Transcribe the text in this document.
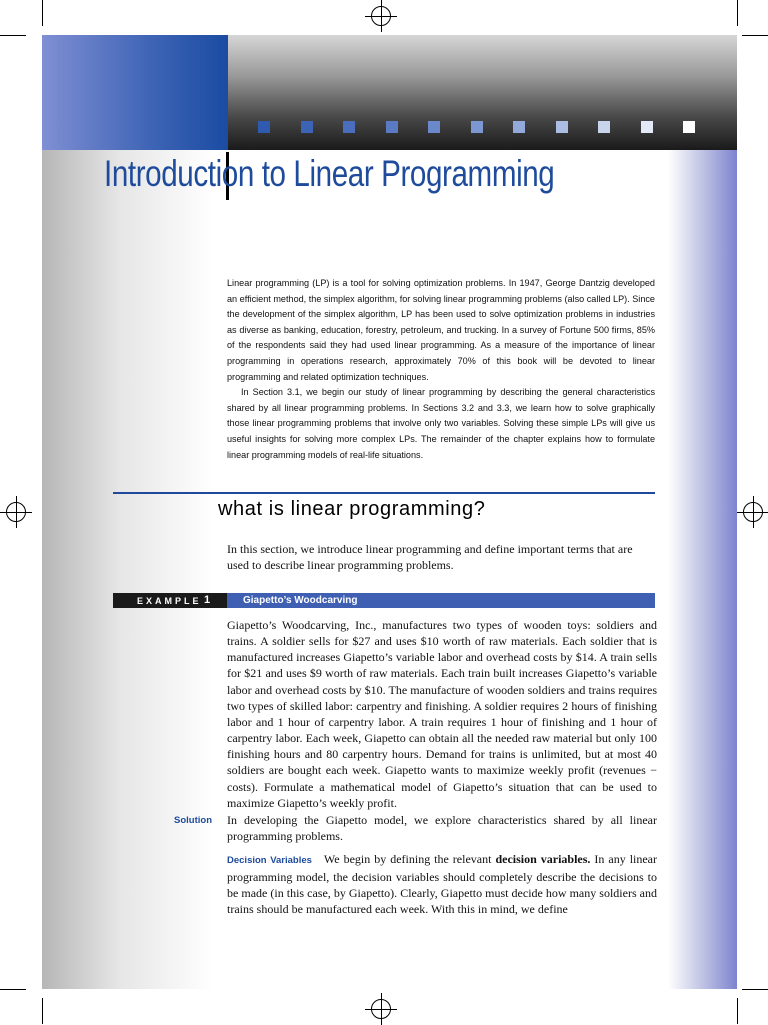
Introduction to Linear Programming

Linear programming (LP) is a tool for solving optimization problems. In 1947, George Dantzig developed an efficient method, the simplex algorithm, for solving linear programming problems (also called LP). Since the development of the simplex algorithm, LP has been used to solve optimization problems in industries as diverse as banking, education, forestry, petroleum, and trucking. In a survey of Fortune 500 firms, 85% of the respondents said they had used linear programming. As a measure of the importance of linear programming in operations research, approximately 70% of this book will be devoted to linear programming and related optimization techniques.

In Section 3.1, we begin our study of linear programming by describing the general characteristics shared by all linear programming problems. In Sections 3.2 and 3.3, we learn how to solve graphically those linear programming problems that involve only two variables. Solving these simple LPs will give us useful insights for solving more complex LPs. The remainder of the chapter explains how to formulate linear programming models of real-life situations.

what is linear programming?

In this section, we introduce linear programming and define important terms that are used to describe linear programming problems.

EXAMPLE 1	Giapetto’s Woodcarving

Giapetto’s Woodcarving, Inc., manufactures two types of wooden toys: soldiers and trains. A soldier sells for $27 and uses $10 worth of raw materials. Each soldier that is manufactured increases Giapetto’s variable labor and overhead costs by $14. A train sells for $21 and uses $9 worth of raw materials. Each train built increases Giapetto’s variable labor and overhead costs by $10. The manufacture of wooden soldiers and trains requires two types of skilled labor: carpentry and finishing. A soldier requires 2 hours of finishing labor and 1 hour of carpentry labor. A train requires 1 hour of finishing and 1 hour of carpentry labor. Each week, Giapetto can obtain all the needed raw material but only 100 finishing hours and 80 carpentry hours. Demand for trains is unlimited, but at most 40 soldiers are bought each week. Giapetto wants to maximize weekly profit (revenues − costs). Formulate a mathematical model of Giapetto’s situation that can be used to maximize Giapetto’s weekly profit.

Solution In developing the Giapetto model, we explore characteristics shared by all linear programming problems.

Decision Variables We begin by defining the relevant decision variables. In any linear programming model, the decision variables should completely describe the decisions to be made (in this case, by Giapetto). Clearly, Giapetto must decide how many soldiers and trains should be manufactured each week. With this in mind, we define
